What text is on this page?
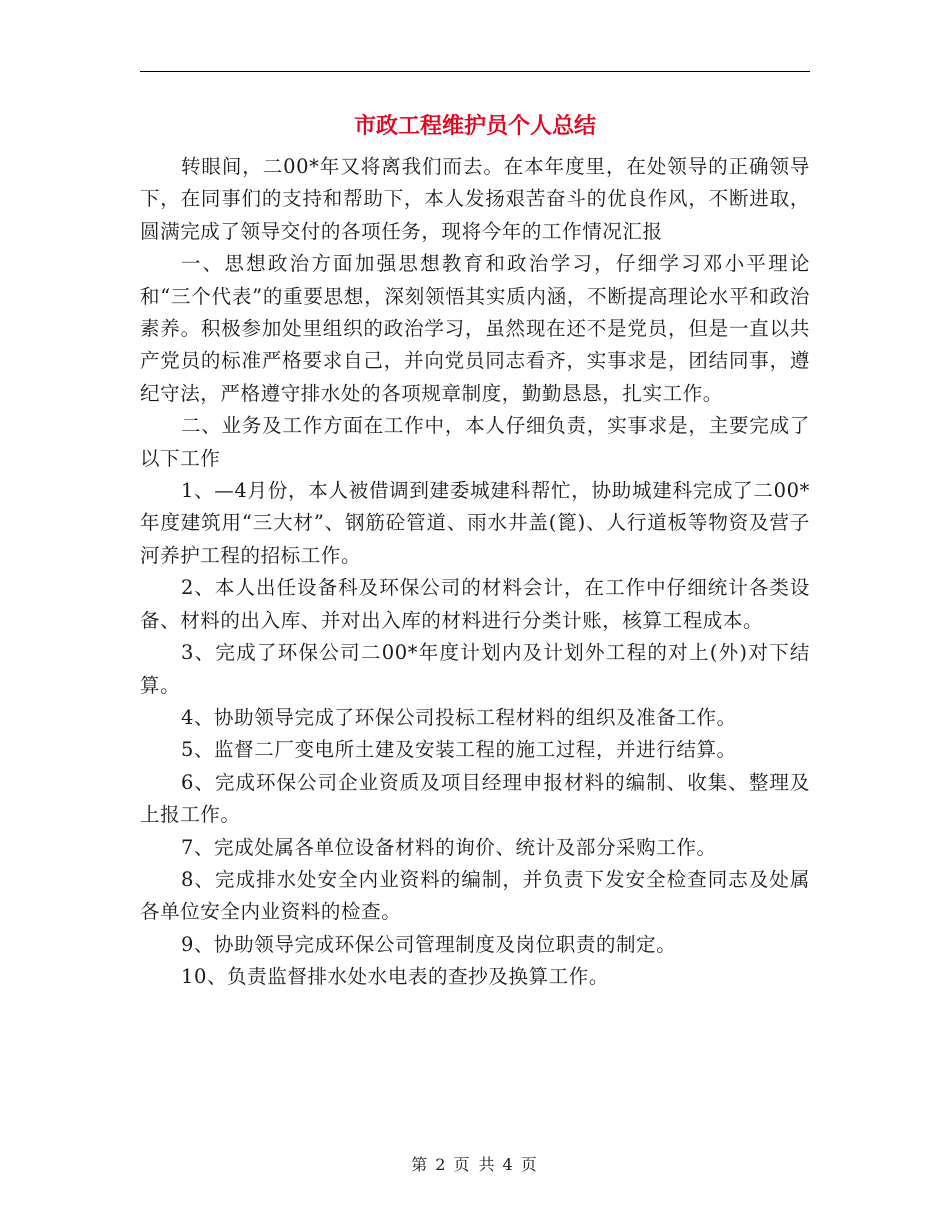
市政工程维护员个人总结

转眼间，二00*年又将离我们而去。在本年度里，在处领导的正确领导下，在同事们的支持和帮助下，本人发扬艰苦奋斗的优良作风，不断进取，圆满完成了领导交付的各项任务，现将今年的工作情况汇报

一、思想政治方面加强思想教育和政治学习，仔细学习邓小平理论和“三个代表”的重要思想，深刻领悟其实质内涵，不断提高理论水平和政治素养。积极参加处里组织的政治学习，虽然现在还不是党员，但是一直以共产党员的标准严格要求自己，并向党员同志看齐，实事求是，团结同事，遵纪守法，严格遵守排水处的各项规章制度，勤勤恳恳，扎实工作。

二、业务及工作方面在工作中，本人仔细负责，实事求是，主要完成了以下工作

1、—4月份，本人被借调到建委城建科帮忙，协助城建科完成了二00*年度建筑用“三大材”、钢筋砼管道、雨水井盖(篦)、人行道板等物资及营子河养护工程的招标工作。

2、本人出任设备科及环保公司的材料会计，在工作中仔细统计各类设备、材料的出入库、并对出入库的材料进行分类计账，核算工程成本。

3、完成了环保公司二00*年度计划内及计划外工程的对上(外)对下结算。

4、协助领导完成了环保公司投标工程材料的组织及准备工作。

5、监督二厂变电所土建及安装工程的施工过程，并进行结算。

6、完成环保公司企业资质及项目经理申报材料的编制、收集、整理及上报工作。

7、完成处属各单位设备材料的询价、统计及部分采购工作。

8、完成排水处安全内业资料的编制，并负责下发安全检查同志及处属各单位安全内业资料的检查。

9、协助领导完成环保公司管理制度及岗位职责的制定。

10、负责监督排水处水电表的查抄及换算工作。

第 2 页 共 4 页
